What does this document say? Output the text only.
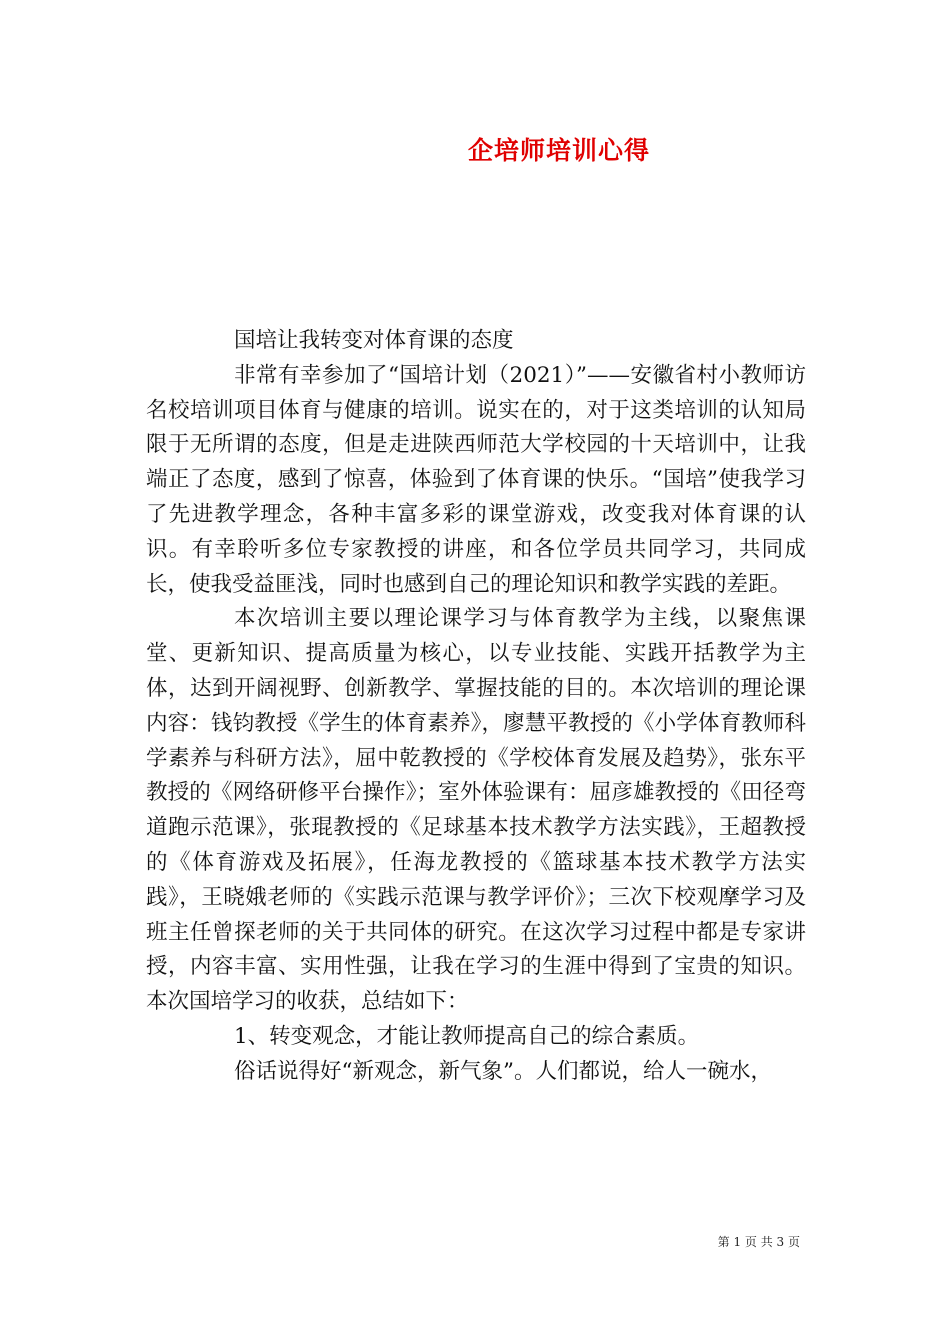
企培师培训心得

国培让我转变对体育课的态度

非常有幸参加了“国培计划（2021）”——安徽省村小教师访名校培训项目体育与健康的培训。说实在的，对于这类培训的认知局限于无所谓的态度，但是走进陕西师范大学校园的十天培训中，让我端正了态度，感到了惊喜，体验到了体育课的快乐。“国培”使我学习了先进教学理念，各种丰富多彩的课堂游戏，改变我对体育课的认识。有幸聆听多位专家教授的讲座，和各位学员共同学习，共同成长，使我受益匪浅，同时也感到自己的理论知识和教学实践的差距。

本次培训主要以理论课学习与体育教学为主线，以聚焦课堂、更新知识、提高质量为核心，以专业技能、实践开括教学为主体，达到开阔视野、创新教学、掌握技能的目的。本次培训的理论课内容：钱钧教授《学生的体育素养》，廖慧平教授的《小学体育教师科学素养与科研方法》，屈中乾教授的《学校体育发展及趋势》，张东平教授的《网络研修平台操作》；室外体验课有：屈彦雄教授的《田径弯道跑示范课》，张琨教授的《足球基本技术教学方法实践》，王超教授的《体育游戏及拓展》，任海龙教授的《篮球基本技术教学方法实践》，王晓娥老师的《实践示范课与教学评价》；三次下校观摩学习及班主任曾探老师的关于共同体的研究。在这次学习过程中都是专家讲授，内容丰富、实用性强，让我在学习的生涯中得到了宝贵的知识。本次国培学习的收获，总结如下：

1、转变观念，才能让教师提高自己的综合素质。

俗话说得好“新观念，新气象”。人们都说，给人一碗水，

第 1 页 共 3 页
